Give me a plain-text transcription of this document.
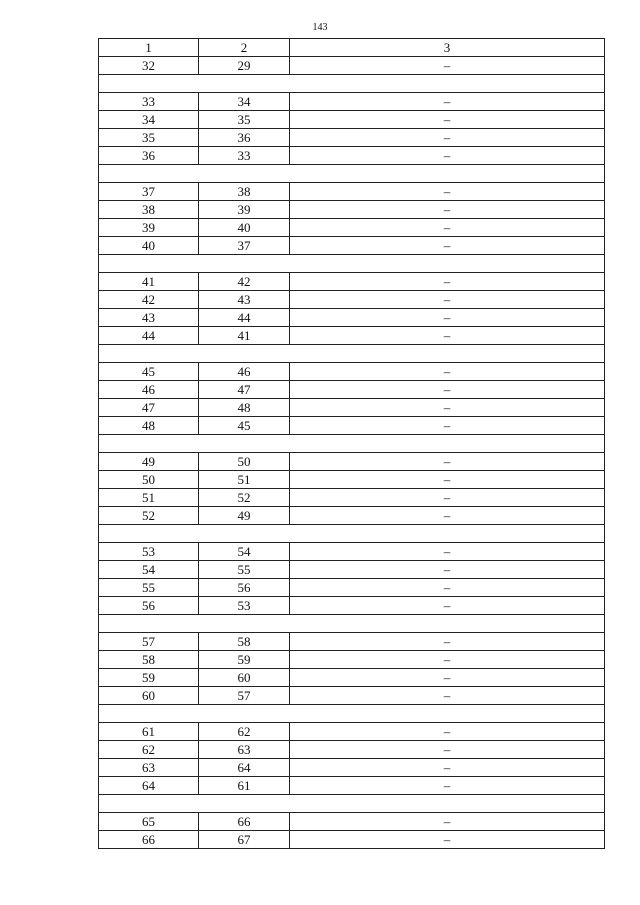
143
1	2	3
32	29	–

33	34	–
34	35	–
35	36	–
36	33	–

37	38	–
38	39	–
39	40	–
40	37	–

41	42	–
42	43	–
43	44	–
44	41	–

45	46	–
46	47	–
47	48	–
48	45	–

49	50	–
50	51	–
51	52	–
52	49	–

53	54	–
54	55	–
55	56	–
56	53	–

57	58	–
58	59	–
59	60	–
60	57	–

61	62	–
62	63	–
63	64	–
64	61	–

65	66	–
66	67	–
